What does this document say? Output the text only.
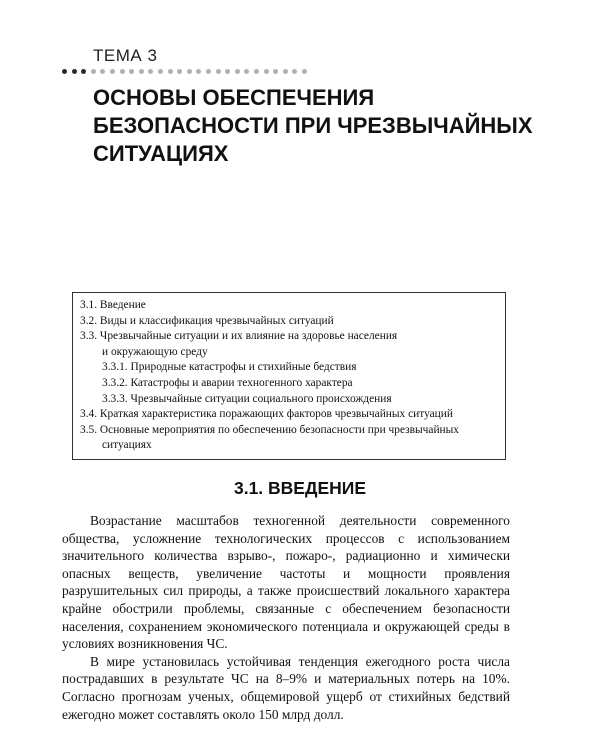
ТЕМА 3
ОСНОВЫ ОБЕСПЕЧЕНИЯ
БЕЗОПАСНОСТИ ПРИ ЧРЕЗВЫЧАЙНЫХ
СИТУАЦИЯХ
3.1. Введение
3.2. Виды и классификация чрезвычайных ситуаций
3.3. Чрезвычайные ситуации и их влияние на здоровье населения
и окружающую среду
3.3.1. Природные катастрофы и стихийные бедствия
3.3.2. Катастрофы и аварии техногенного характера
3.3.3. Чрезвычайные ситуации социального происхождения
3.4. Краткая характеристика поражающих факторов чрезвычайных ситуаций
3.5. Основные мероприятия по обеспечению безопасности при чрезвычайных
ситуациях
3.1. ВВЕДЕНИЕ

Возрастание масштабов техногенной деятельности современного общества, усложнение технологических процессов с использованием значительного количества взрыво-, пожаро-, радиационно и химически опасных веществ, увеличение частоты и мощности проявления разрушительных сил природы, а также происшествий локального характера крайне обострили проблемы, связанные с обеспечением безопасности населения, сохранением экономического потенциала и окружающей среды в условиях возникновения ЧС.

В мире установилась устойчивая тенденция ежегодного роста числа пострадавших в результате ЧС на 8–9% и материальных потерь на 10%. Согласно прогнозам ученых, общемировой ущерб от стихийных бедствий ежегодно может составлять около 150 млрд долл.
